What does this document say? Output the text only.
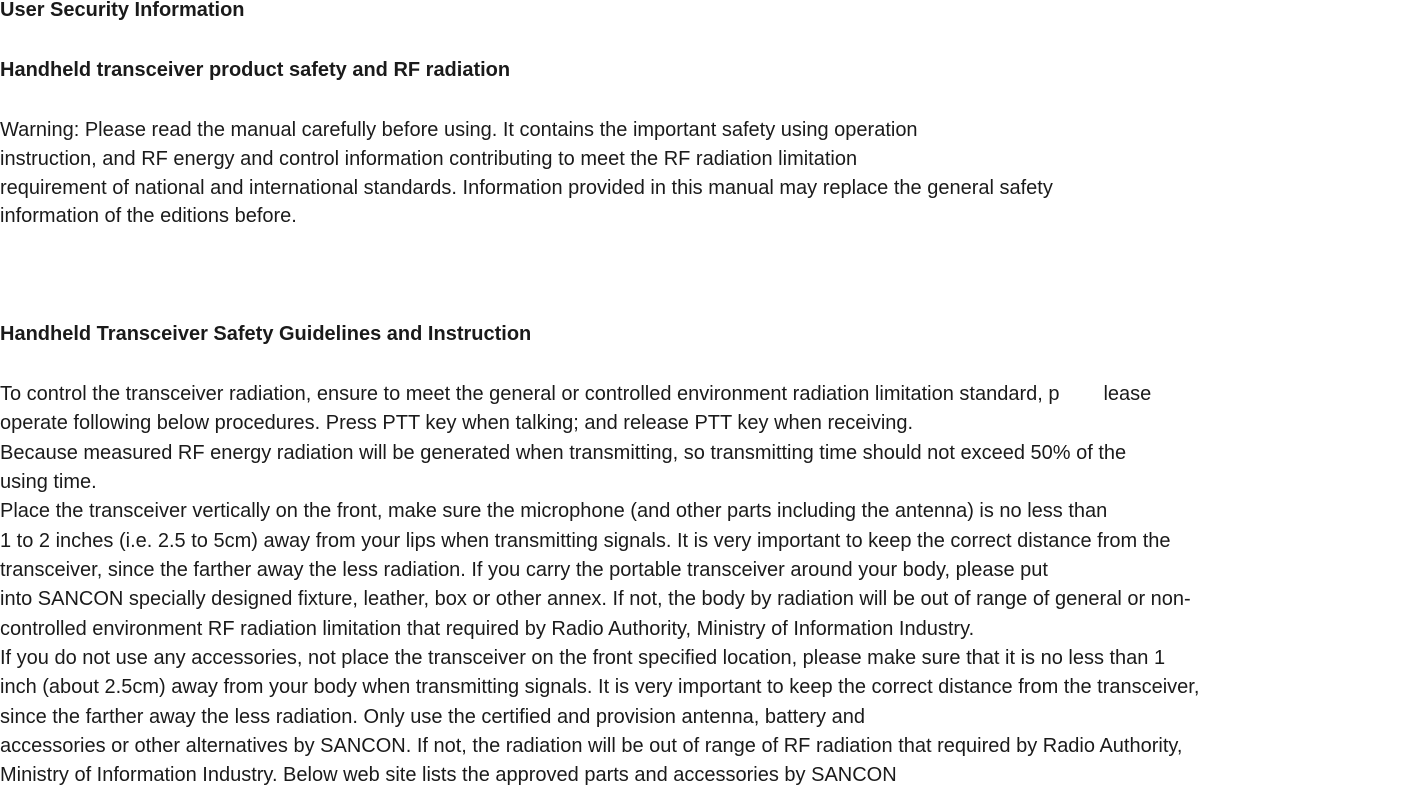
User Security Information
Handheld transceiver product safety and RF radiation
Warning: Please read the manual carefully before using. It contains the important safety using operation
instruction, and RF energy and control information contributing to meet the RF radiation limitation
requirement of national and international standards. Information provided in this manual may replace the general safety
information of the editions before.
Handheld Transceiver Safety Guidelines and Instruction
To control the transceiver radiation, ensure to meet the general or controlled environment radiation limitation standard, p lease
operate following below procedures. Press PTT key when talking; and release PTT key when receiving.
Because measured RF energy radiation will be generated when transmitting, so transmitting time should not exceed 50% of the
using time.
Place the transceiver vertically on the front, make sure the microphone (and other parts including the antenna) is no less than
1 to 2 inches (i.e. 2.5 to 5cm) away from your lips when transmitting signals. It is very important to keep the correct distance from the
transceiver, since the farther away the less radiation. If you carry the portable transceiver around your body, please put
into SANCON specially designed fixture, leather, box or other annex. If not, the body by radiation will be out of range of general or non-
controlled environment RF radiation limitation that required by Radio Authority, Ministry of Information Industry.
If you do not use any accessories, not place the transceiver on the front specified location, please make sure that it is no less than 1
inch (about 2.5cm) away from your body when transmitting signals. It is very important to keep the correct distance from the transceiver,
since the farther away the less radiation. Only use the certified and provision antenna, battery and
accessories or other alternatives by SANCON. If not, the radiation will be out of range of RF radiation that required by Radio Authority,
Ministry of Information Industry. Below web site lists the approved parts and accessories by SANCON
